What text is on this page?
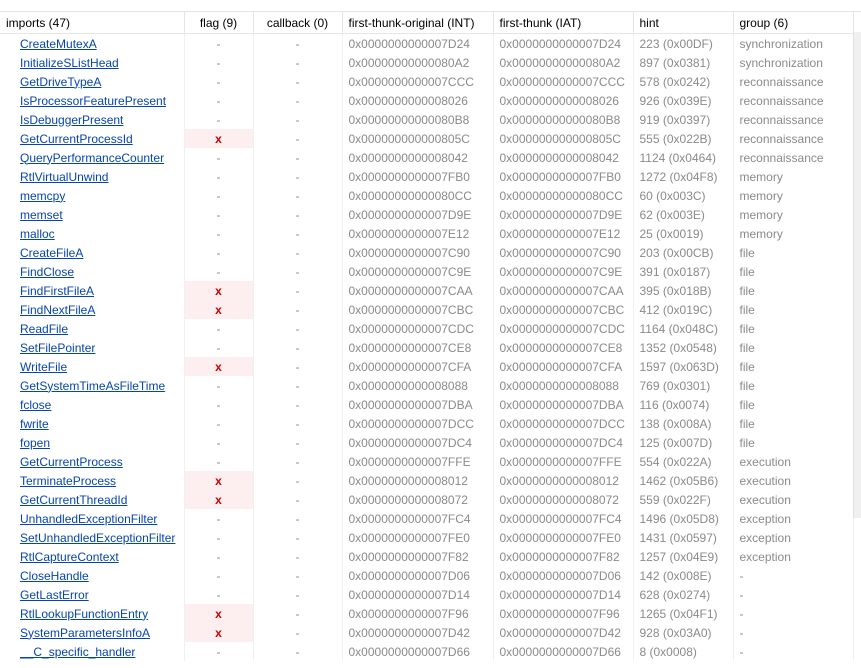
imports (47)	flag (9)	callback (0)	first-thunk-original (INT)	first-thunk (IAT)	hint	group (6)
CreateMutexA	-	-	0x0000000000007D24	0x0000000000007D24	223 (0x00DF)	synchronization
InitializeSListHead	-	-	0x00000000000080A2	0x00000000000080A2	897 (0x0381)	synchronization
GetDriveTypeA	-	-	0x0000000000007CCC	0x0000000000007CCC	578 (0x0242)	reconnaissance
IsProcessorFeaturePresent	-	-	0x0000000000008026	0x0000000000008026	926 (0x039E)	reconnaissance
IsDebuggerPresent	-	-	0x00000000000080B8	0x00000000000080B8	919 (0x0397)	reconnaissance
GetCurrentProcessId	x	-	0x000000000000805C	0x000000000000805C	555 (0x022B)	reconnaissance
QueryPerformanceCounter	-	-	0x0000000000008042	0x0000000000008042	1124 (0x0464)	reconnaissance
RtlVirtualUnwind	-	-	0x0000000000007FB0	0x0000000000007FB0	1272 (0x04F8)	memory
memcpy	-	-	0x00000000000080CC	0x00000000000080CC	60 (0x003C)	memory
memset	-	-	0x0000000000007D9E	0x0000000000007D9E	62 (0x003E)	memory
malloc	-	-	0x0000000000007E12	0x0000000000007E12	25 (0x0019)	memory
CreateFileA	-	-	0x0000000000007C90	0x0000000000007C90	203 (0x00CB)	file
FindClose	-	-	0x0000000000007C9E	0x0000000000007C9E	391 (0x0187)	file
FindFirstFileA	x	-	0x0000000000007CAA	0x0000000000007CAA	395 (0x018B)	file
FindNextFileA	x	-	0x0000000000007CBC	0x0000000000007CBC	412 (0x019C)	file
ReadFile	-	-	0x0000000000007CDC	0x0000000000007CDC	1164 (0x048C)	file
SetFilePointer	-	-	0x0000000000007CE8	0x0000000000007CE8	1352 (0x0548)	file
WriteFile	x	-	0x0000000000007CFA	0x0000000000007CFA	1597 (0x063D)	file
GetSystemTimeAsFileTime	-	-	0x0000000000008088	0x0000000000008088	769 (0x0301)	file
fclose	-	-	0x0000000000007DBA	0x0000000000007DBA	116 (0x0074)	file
fwrite	-	-	0x0000000000007DCC	0x0000000000007DCC	138 (0x008A)	file
fopen	-	-	0x0000000000007DC4	0x0000000000007DC4	125 (0x007D)	file
GetCurrentProcess	-	-	0x0000000000007FFE	0x0000000000007FFE	554 (0x022A)	execution
TerminateProcess	x	-	0x0000000000008012	0x0000000000008012	1462 (0x05B6)	execution
GetCurrentThreadId	x	-	0x0000000000008072	0x0000000000008072	559 (0x022F)	execution
UnhandledExceptionFilter	-	-	0x0000000000007FC4	0x0000000000007FC4	1496 (0x05D8)	exception
SetUnhandledExceptionFilter	-	-	0x0000000000007FE0	0x0000000000007FE0	1431 (0x0597)	exception
RtlCaptureContext	-	-	0x0000000000007F82	0x0000000000007F82	1257 (0x04E9)	exception
CloseHandle	-	-	0x0000000000007D06	0x0000000000007D06	142 (0x008E)	-
GetLastError	-	-	0x0000000000007D14	0x0000000000007D14	628 (0x0274)	-
RtlLookupFunctionEntry	x	-	0x0000000000007F96	0x0000000000007F96	1265 (0x04F1)	-
SystemParametersInfoA	x	-	0x0000000000007D42	0x0000000000007D42	928 (0x03A0)	-
__C_specific_handler	-	-	0x0000000000007D66	0x0000000000007D66	8 (0x0008)	-
